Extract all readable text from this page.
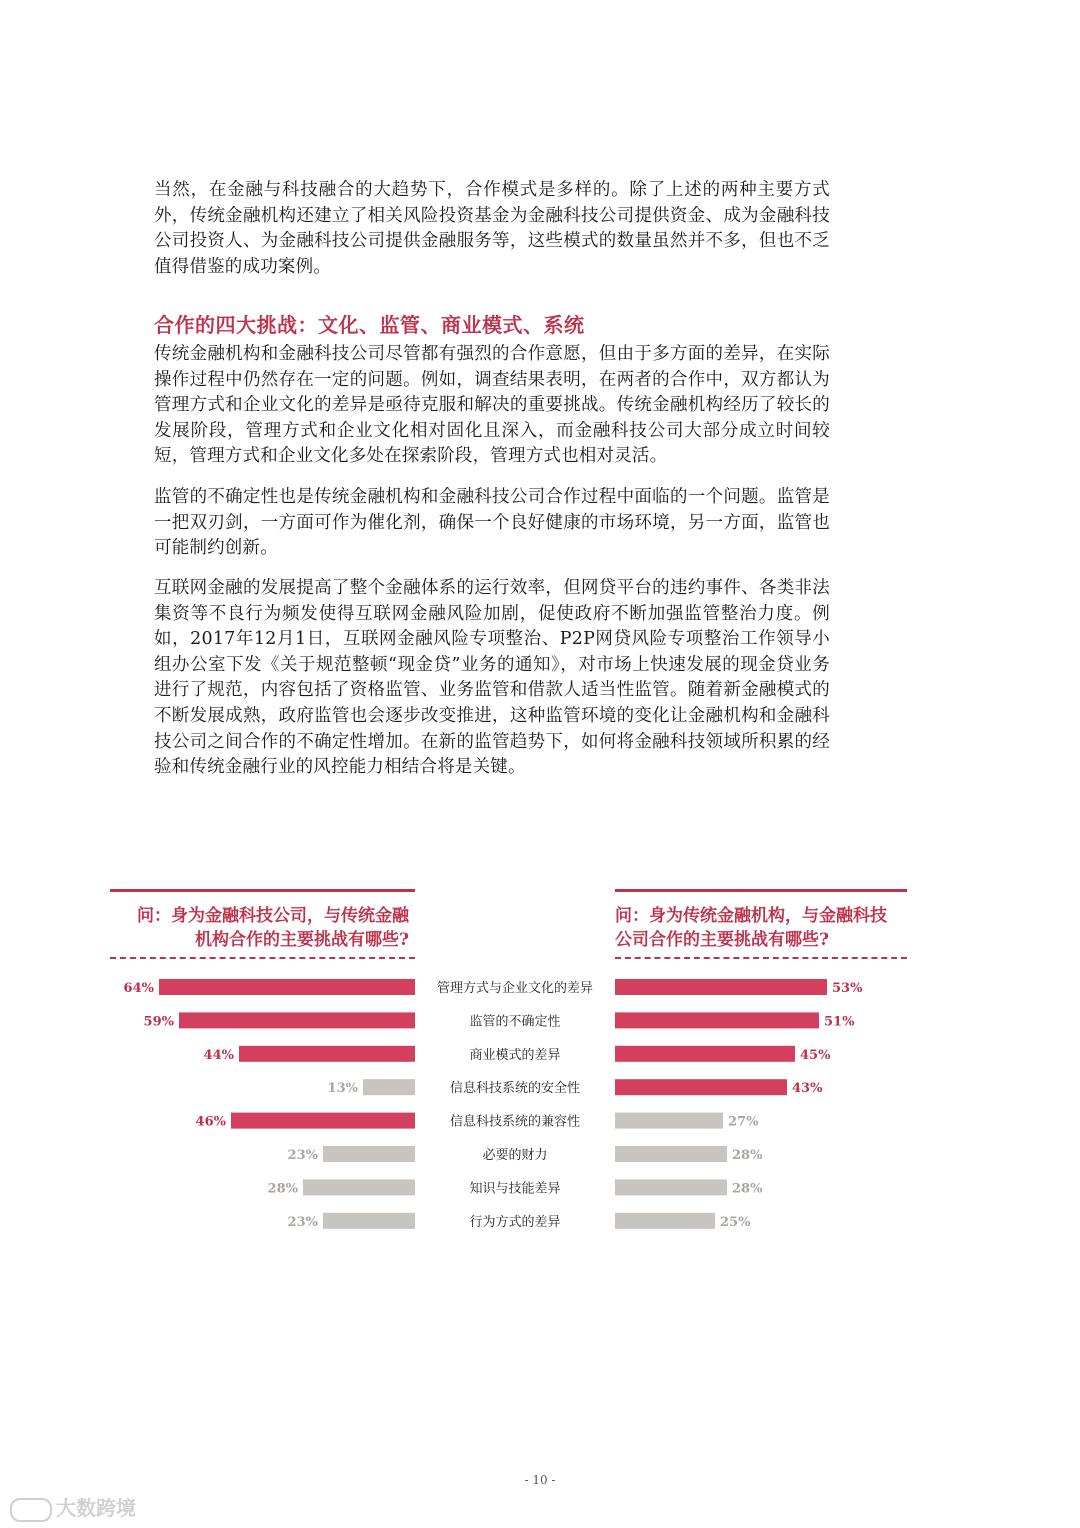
当然，在金融与科技融合的大趋势下，合作模式是多样的。除了上述的两种主要方式外，传统金融机构还建立了相关风险投资基金为金融科技公司提供资金、成为金融科技公司投资人、为金融科技公司提供金融服务等，这些模式的数量虽然并不多，但也不乏值得借鉴的成功案例。

合作的四大挑战：文化、监管、商业模式、系统

传统金融机构和金融科技公司尽管都有强烈的合作意愿，但由于多方面的差异，在实际操作过程中仍然存在一定的问题。例如，调查结果表明，在两者的合作中，双方都认为管理方式和企业文化的差异是亟待克服和解决的重要挑战。传统金融机构经历了较长的发展阶段，管理方式和企业文化相对固化且深入，而金融科技公司大部分成立时间较短，管理方式和企业文化多处在探索阶段，管理方式也相对灵活。

监管的不确定性也是传统金融机构和金融科技公司合作过程中面临的一个问题。监管是一把双刃剑，一方面可作为催化剂，确保一个良好健康的市场环境，另一方面，监管也可能制约创新。

互联网金融的发展提高了整个金融体系的运行效率，但网贷平台的违约事件、各类非法集资等不良行为频发使得互联网金融风险加剧，促使政府不断加强监管整治力度。例如，2017年12月1日，互联网金融风险专项整治、P2P网贷风险专项整治工作领导小组办公室下发《关于规范整顿“现金贷”业务的通知》，对市场上快速发展的现金贷业务进行了规范，内容包括了资格监管、业务监管和借款人适当性监管。随着新金融模式的不断发展成熟，政府监管也会逐步改变推进，这种监管环境的变化让金融机构和金融科技公司之间合作的不确定性增加。在新的监管趋势下，如何将金融科技领域所积累的经验和传统金融行业的风控能力相结合将是关键。

问：身为金融科技公司，与传统金融
机构合作的主要挑战有哪些?
问：身为传统金融机构，与金融科技
公司合作的主要挑战有哪些?
管理方式与企业文化的差异
64%	53%
监管的不确定性
59%	51%
商业模式的差异
44%	45%
信息科技系统的安全性
13%	43%
信息科技系统的兼容性
46%	27%
必要的财力
23%	28%
知识与技能差异
28%	28%
行为方式的差异
23%	25%
- 10 -
大数跨境
